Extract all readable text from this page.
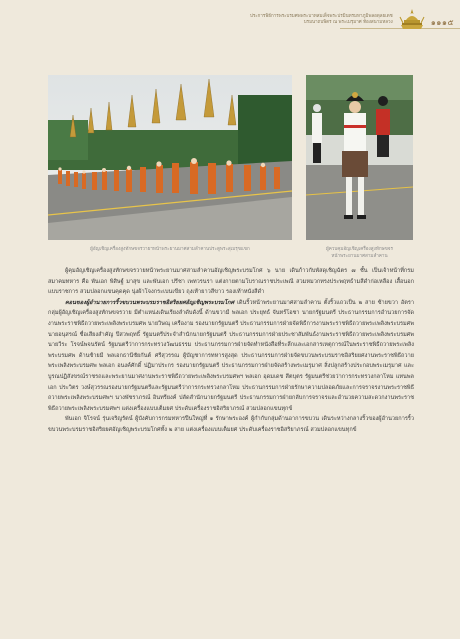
ประการพิธีการพระบรมศพพระบาทสมเด็จพระปรมินทรมหาภูมิพลอดุลยเดช
บรมนาถบพิตร ณ พระเมรุมาศ ท้องสนามหลวง	๑๑๑๕
ผู้อัญเชิญเครื่องสูงทักษขจรวายฯหน้าพระยานมาศสามลำคานประตูพระสุเมรุขแขก	ผู้ควบคุมอัญเชิญเครื่องสูงทักษขจร
หน้าพระยานมาศสามลำคาน

ผู้คุมอัญเชิญเครื่องสูงทักษขจรวายหน้าพระยานมาศสามลำคานอัญเชิญพระบรมโกศ ๖ นาย เดินก้าวกับพัสดุเชิญฉัตร ๗ ชั้น เป็นเจ้าหน้าที่กรมสมาคมทหาร คือ พันเอก พิสิษฐ์ มาสุข และพันเอก ปรีชา เพทวรนรา แต่งกายตามโบราณราชประเพณี สวมหมวกทรงประพฤทธ์ามสีดำก่อเหลือง เสื้อนอกแบบราชการ สวมปลอกแขนคุดคุด นุ่งผ้าโจงกระเบนเขียว ถุงเท้ายาวสีขาว รองเท้าหนังสีดำ

คอนของผู้อำนายการริ้วขบวนพระบรมราชอิสริยยศอัญเชิญพระบรมโกศ เดินริ้วหน้าพระยานมาศสามลำคาน ตั้งริ้วแถวเป็น ๒ สาย ซ้ายขวา อัตรากลุ่มผู้อัญเชิญเครื่องสูงทักษขจรวาย มีตำแหน่งเดินเรียงลำดับดังนี้ ด้านขวามี พลเอก ประยุทธ์ จันทร์โอชา นายกรัฐมนตรี ประธานกรรมการอำนวยการจัดงานพระราชพิธีถวายพระเพลิงพระบรมศพ นายวิษณุ เครืองาม รองนายกรัฐมนตรี ประธานกรรมการฝ่ายจัดพิธีการงานพระราชพิธีถวายพระเพลิงพระบรมศพ นายอนุสรณ์ ชื่อเสียงสำคัญ ปีสวพฤทธิ์ รัฐมนตรีประจำสำนักนายกรัฐมนตรี ประธานกรรมการฝ่ายประชาสัมพันธ์งานพระราชพิธีถวายพระเพลิงพระบรมศพ นายวีระ โรจน์พจนรัตน์ รัฐมนตรีว่าการกระทรวงวัฒนธรรม ประธานกรรมการฝ่ายจัดทำหนังสือที่ระลึกและเอกสารเหตุการณ์ในพระราชพิธีถวายพระเพลิงพระบรมศพ ด้านซ้ายมี พลเอกธานีชัยกันต์ ศรีสุวรรณ ผู้บัญชาการทหารสูงสุด ประธานกรรมการฝ่ายจัดขบวนพระบรมราชอิสริยยศงานพระราชพิธีถวายพระเพลิงพระบรมศพ พลเอก อนงค์ศักดิ์ ปฏิมาประกร รองนายกรัฐมนตรี ประธานกรรมการฝ่ายจัดสร้างพระเมรุมาศ สิ่งปลูกสร้างประกอบพระเมรุมาศ และบูรณปฏิสังขรณ์ราชรถและพระยานมาศงานพระราชพิธีถวายพระเพลิงพระบรมศพฯ พลเอก อุดมเดช สีตบุตร รัฐมนตรีช่วยว่าการกระทรวงกลาโหม แทนพลเอก ประวิตร วงษ์สุวรรณรองนายกรัฐมนตรีและรัฐมนตรีว่าการกระทรวงกลาโหม ประธานกรรมการฝ่ายรักษาความปลอดภัยและการจราจรงานพระราชพิธีถวายพระเพลิงพระบรมศพฯ นางพัชราภรณ์ อินทรียงค์ ปลัดสำนักนายกรัฐมนตรี ประธานกรรมการฝ่ายกลับการจราจรและอำนวยความสะดวกงานพระราชพิธีถวายพระเพลิงพระบรมศพฯ แต่งเครื่องแบบเต็มยศ ประดับเครื่องราชอิสริยาภรณ์ สวมปลอกแขนทุกข์

พันเอก จิโรจน์ รุ่นเจริญรัตน์ ผู้บังคับการกรมทหารปืนใหญ่ที่ ๑ รักษาพระองค์ ผู้กำกับกลุ่มด้านอาการขบวน เดินระหว่างกลางริ้วของผู้อำนวยการริ้วขบวนพระบรมราชอิสริยยศอัญเชิญพระบรมโกศทั้ง ๒ สาย แต่งเครื่องแบบเต็มยศ ประดับเครื่องราชอิสริยาภรณ์ สวมปลอกแขนทุกข์
